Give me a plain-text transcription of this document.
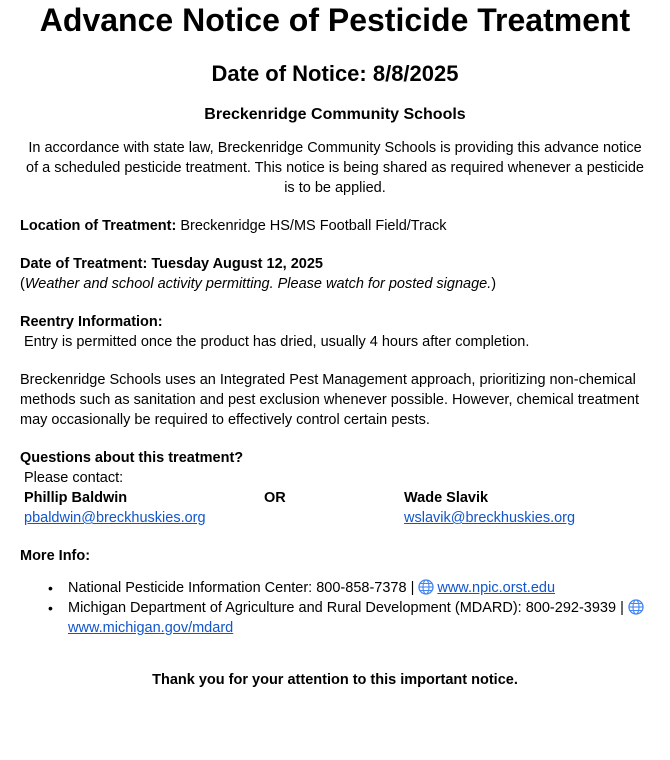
Advance Notice of Pesticide Treatment
Date of Notice: 8/8/2025
Breckenridge Community Schools

In accordance with state law, Breckenridge Community Schools is providing this advance notice of a scheduled pesticide treatment. This notice is being shared as required whenever a pesticide is to be applied.

Location of Treatment: Breckenridge HS/MS Football Field/Track

Date of Treatment: Tuesday August 12, 2025

(Weather and school activity permitting. Please watch for posted signage.)

Reentry Information:

Entry is permitted once the product has dried, usually 4 hours after completion.

Breckenridge Schools uses an Integrated Pest Management approach, prioritizing non-chemical methods such as sanitation and pest exclusion whenever possible. However, chemical treatment may occasionally be required to effectively control certain pests.

Questions about this treatment?

Please contact:

Phillip Baldwin
pbaldwin@breckhuskies.org
OR	Wade Slavik
wslavik@breckhuskies.org

More Info:

• National Pesticide Information Center: 800-858-7378 | www.npic.orst.edu
• Michigan Department of Agriculture and Rural Development (MDARD): 800-292-3939 | www.michigan.gov/mdard

Thank you for your attention to this important notice.
